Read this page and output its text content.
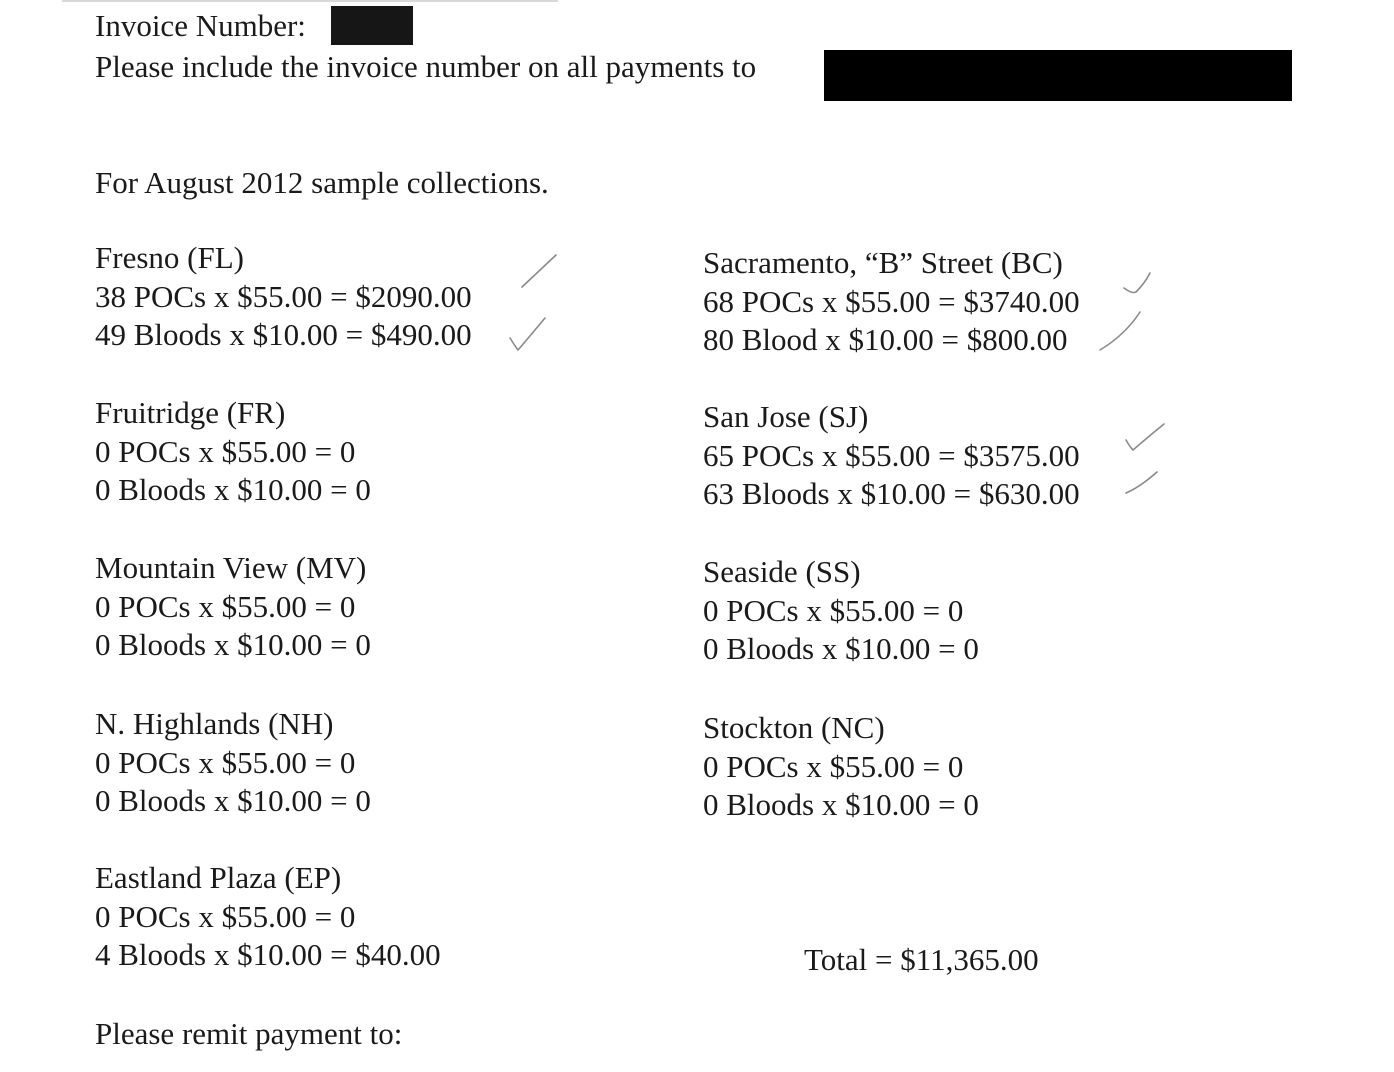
Invoice Number:
Please include the invoice number on all payments to
For August 2012 sample collections.
Fresno (FL)
38 POCs x $55.00 = $2090.00
49 Bloods x $10.00 = $490.00
Fruitridge (FR)
0 POCs x $55.00 = 0
0 Bloods x $10.00 = 0
Mountain View (MV)
0 POCs x $55.00 = 0
0 Bloods x $10.00 = 0
N. Highlands (NH)
0 POCs x $55.00 = 0
0 Bloods x $10.00 = 0
Eastland Plaza (EP)
0 POCs x $55.00 = 0
4 Bloods x $10.00 = $40.00
Sacramento, “B” Street (BC)
68 POCs x $55.00 = $3740.00
80 Blood x $10.00 = $800.00
San Jose (SJ)
65 POCs x $55.00 = $3575.00
63 Bloods x $10.00 = $630.00
Seaside (SS)
0 POCs x $55.00 = 0
0 Bloods x $10.00 = 0
Stockton (NC)
0 POCs x $55.00 = 0
0 Bloods x $10.00 = 0
Total = $11,365.00
Please remit payment to:
